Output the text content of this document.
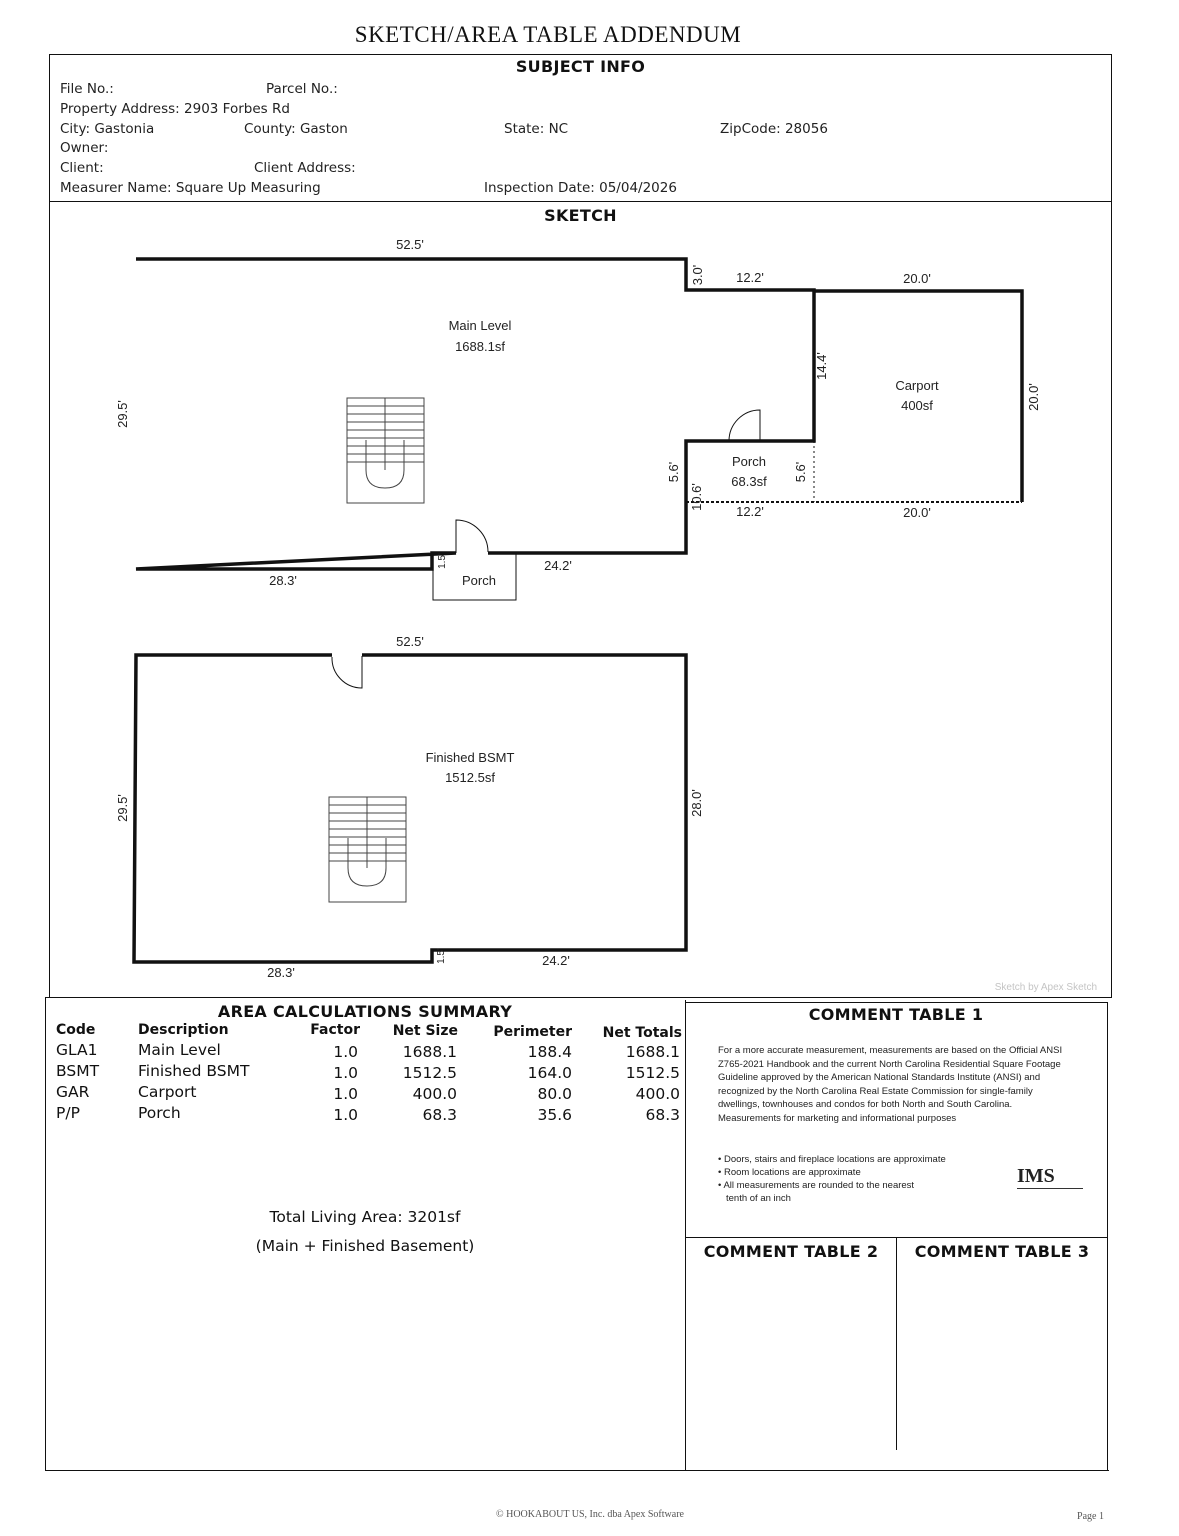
SKETCH/AREA TABLE ADDENDUM
SUBJECT INFO
File No.:	Parcel No.:
Property Address: 2903 Forbes Rd
City: Gastonia	County: Gaston	State: NC	ZipCode: 28056
Owner:
Client:	Client Address:
Measurer Name: Square Up Measuring	Inspection Date: 05/04/2026
SKETCH
Main Level
1688.1sf
52.5'
29.5'
28.3'
24.2'
3.0'
5.6'
10.6'
1.5'
Porch
Porch
68.3sf
12.2'
12.2'
5.6'
14.4'
Carport
400sf
20.0'
20.0'
20.0'
Finished BSMT
1512.5sf
52.5'
29.5'	28.0'
28.3'
24.2'
1.5'
Sketch by Apex Sketch
AREA CALCULATIONS SUMMARY
Code	Description	Factor	Net Size	Perimeter	Net Totals
GLA1	Main Level	1.0	1688.1	188.4	1688.1
BSMT	Finished BSMT	1.0	1512.5	164.0	1512.5
GAR	Carport	1.0	400.0	80.0	400.0
P/P	Porch	1.0	68.3	35.6	68.3
Total Living Area: 3201sf
(Main + Finished Basement)
COMMENT TABLE 1
For a more accurate measurement, measurements are based on the Official ANSI Z765-2021 Handbook and the current North Carolina Residential Square Footage Guideline approved by the American National Standards Institute (ANSI) and recognized by the North Carolina Real Estate Commission for single-family dwellings, townhouses and condos for both North and South Carolina. Measurements for marketing and informational purposes
• Doors, stairs and fireplace locations are approximate
• Room locations are approximate
• All measurements are rounded to the nearest
tenth of an inch
IMS
COMMENT TABLE 2	COMMENT TABLE 3
© HOOKABOUT US, Inc. dba Apex Software	Page 1
